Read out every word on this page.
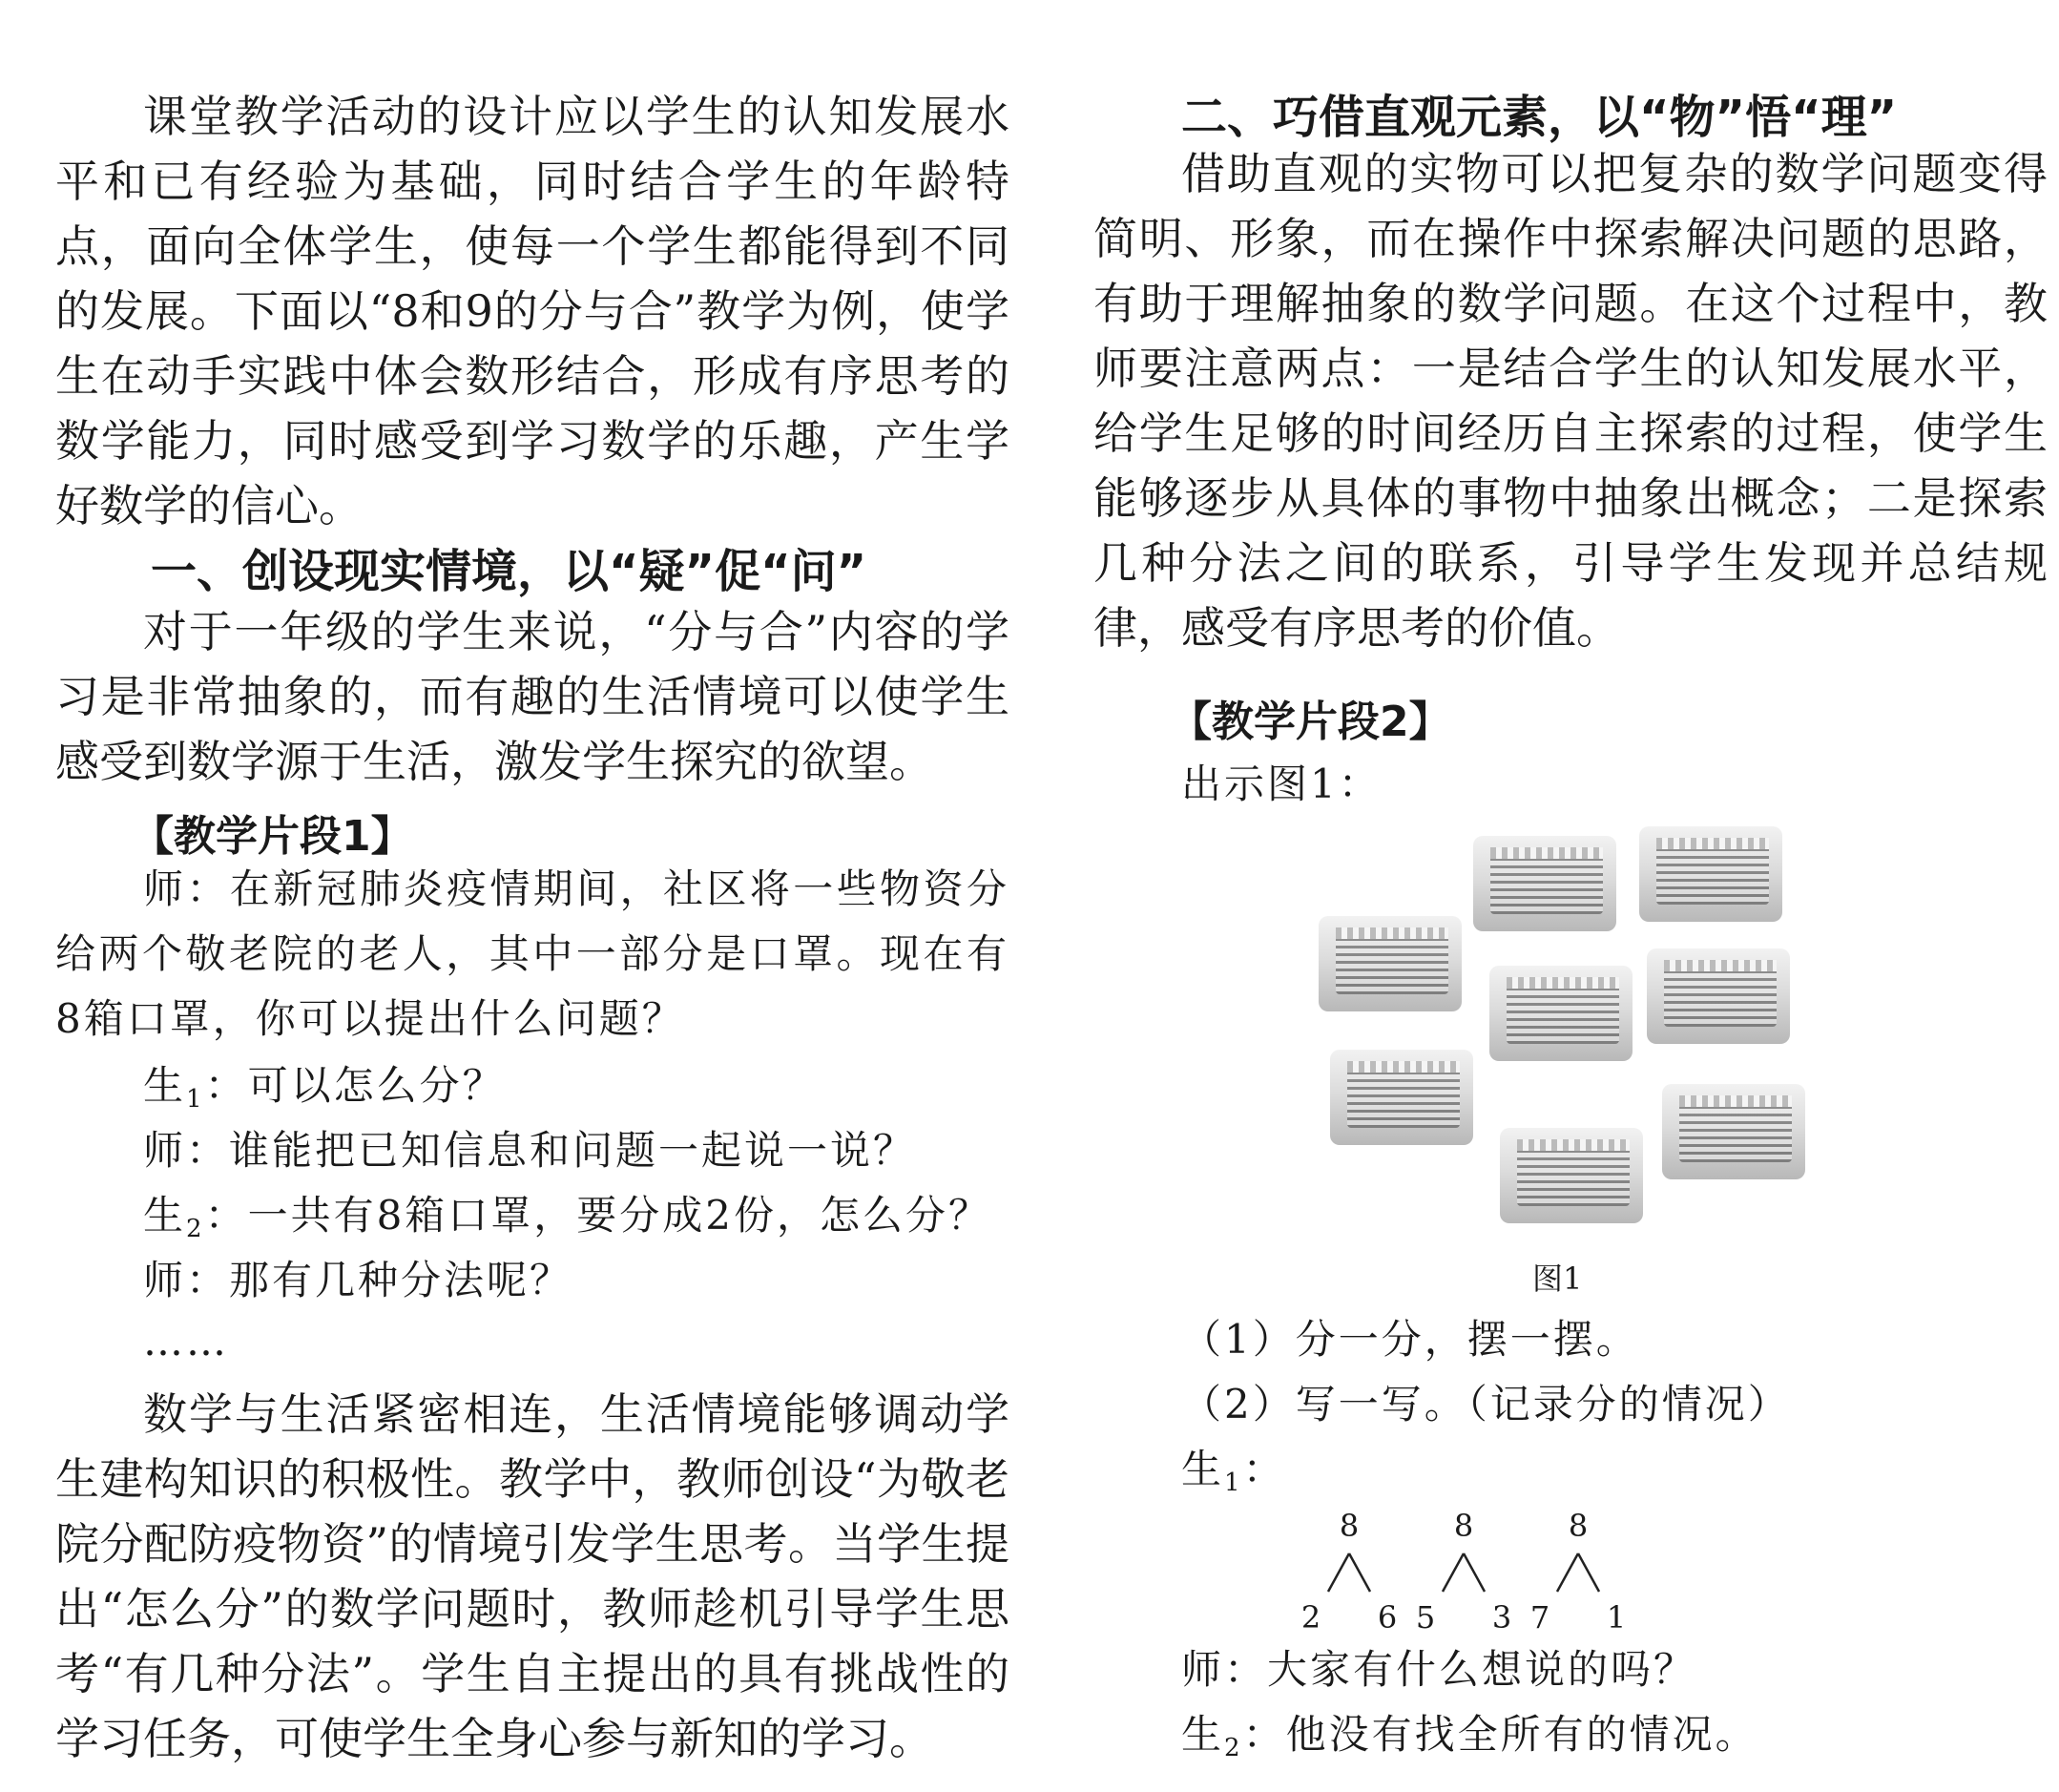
课堂教学活动的设计应以学生的认知发展水平和已有经验为基础，同时结合学生的年龄特点，面向全体学生，使每一个学生都能得到不同的发展。下面以“8和9的分与合”教学为例，使学生在动手实践中体会数形结合，形成有序思考的数学能力，同时感受到学习数学的乐趣，产生学好数学的信心。

一、创设现实情境，以“疑”促“问”

对于一年级的学生来说，“分与合”内容的学习是非常抽象的，而有趣的生活情境可以使学生感受到数学源于生活，激发学生探究的欲望。

【教学片段1】

师：在新冠肺炎疫情期间，社区将一些物资分给两个敬老院的老人，其中一部分是口罩。现在有8箱口罩，你可以提出什么问题？

生1：可以怎么分？

师：谁能把已知信息和问题一起说一说？

生2：一共有8箱口罩，要分成2份，怎么分？

师：那有几种分法呢？

……

数学与生活紧密相连，生活情境能够调动学生建构知识的积极性。教学中，教师创设“为敬老院分配防疫物资”的情境引发学生思考。当学生提出“怎么分”的数学问题时，教师趁机引导学生思考“有几种分法”。学生自主提出的具有挑战性的学习任务，可使学生全身心参与新知的学习。

二、巧借直观元素，以“物”悟“理”

借助直观的实物可以把复杂的数学问题变得简明、形象，而在操作中探索解决问题的思路，有助于理解抽象的数学问题。在这个过程中，教师要注意两点：一是结合学生的认知发展水平，给学生足够的时间经历自主探索的过程，使学生能够逐步从具体的事物中抽象出概念；二是探索几种分法之间的联系，引导学生发现并总结规律，感受有序思考的价值。

【教学片段2】

出示图1：

图1

（1）分一分，摆一摆。

（2）写一写。（记录分的情况）

生1：

8
2	6
8
5	3
8
7	1

师：大家有什么想说的吗？

生2：他没有找全所有的情况。
